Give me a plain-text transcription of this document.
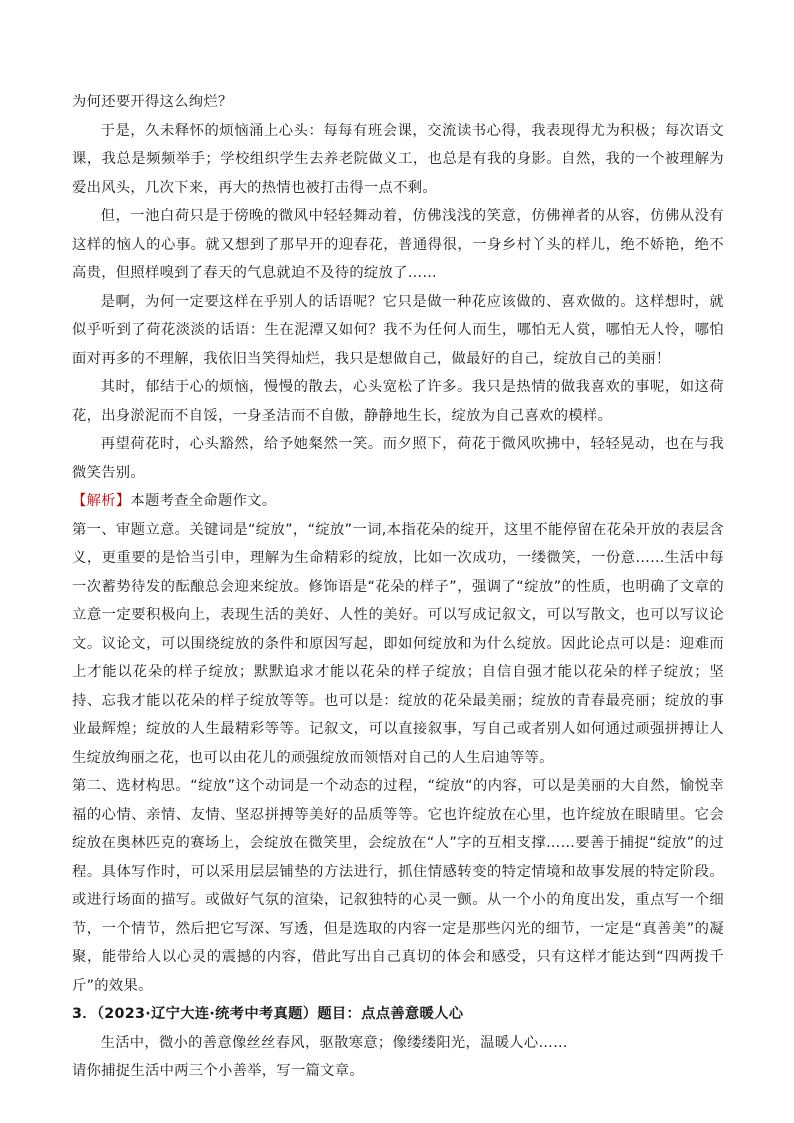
为何还要开得这么绚烂？

于是，久未释怀的烦恼涌上心头：每每有班会课，交流读书心得，我表现得尤为积极；每次语文课，我总是频频举手；学校组织学生去养老院做义工，也总是有我的身影。自然，我的一个被理解为爱出风头，几次下来，再大的热情也被打击得一点不剩。

但，一池白荷只是于傍晚的微风中轻轻舞动着，仿佛浅浅的笑意，仿佛禅者的从容，仿佛从没有这样的恼人的心事。就又想到了那早开的迎春花，普通得很，一身乡村丫头的样儿，绝不娇艳，绝不高贵，但照样嗅到了春天的气息就迫不及待的绽放了……

是啊，为何一定要这样在乎别人的话语呢？它只是做一种花应该做的、喜欢做的。这样想时，就似乎听到了荷花淡淡的话语：生在泥潭又如何？我不为任何人而生，哪怕无人赏，哪怕无人怜，哪怕面对再多的不理解，我依旧当笑得灿烂，我只是想做自己，做最好的自己，绽放自己的美丽！

其时，郁结于心的烦恼，慢慢的散去，心头宽松了许多。我只是热情的做我喜欢的事呢，如这荷花，出身淤泥而不自馁，一身圣洁而不自傲，静静地生长，绽放为自己喜欢的模样。

再望荷花时，心头豁然，给予她粲然一笑。而夕照下，荷花于微风吹拂中，轻轻晃动，也在与我微笑告别。

【解析】本题考查全命题作文。

第一、审题立意。关键词是“绽放”，“绽放”一词,本指花朵的绽开，这里不能停留在花朵开放的表层含义，更重要的是恰当引申，理解为生命精彩的绽放，比如一次成功，一缕微笑，一份意……生活中每一次蓄势待发的酝酿总会迎来绽放。修饰语是“花朵的样子”，强调了“绽放”的性质，也明确了文章的立意一定要积极向上，表现生活的美好、人性的美好。可以写成记叙文，可以写散文，也可以写议论文。议论文，可以围绕绽放的条件和原因写起，即如何绽放和为什么绽放。因此论点可以是：迎难而上才能以花朵的样子绽放；默默追求才能以花朵的样子绽放；自信自强才能以花朵的样子绽放；坚持、忘我才能以花朵的样子绽放等等。也可以是：绽放的花朵最美丽；绽放的青春最亮丽；绽放的事业最辉煌；绽放的人生最精彩等等。记叙文，可以直接叙事，写自己或者别人如何通过顽强拼搏让人生绽放绚丽之花，也可以由花儿的顽强绽放而领悟对自己的人生启迪等等。

第二、选材构思。“绽放”这个动词是一个动态的过程，“绽放“的内容，可以是美丽的大自然，愉悦幸福的心情、亲情、友情、坚忍拼搏等美好的品质等等。它也许绽放在心里，也许绽放在眼睛里。它会绽放在奥林匹克的赛场上，会绽放在微笑里，会绽放在“人”字的互相支撑……要善于捕捉“绽放”的过程。具体写作时，可以采用层层铺垫的方法进行，抓住情感转变的特定情境和故事发展的特定阶段。或进行场面的描写。或做好气氛的渲染，记叙独特的心灵一颤。从一个小的角度出发，重点写一个细节，一个情节，然后把它写深、写透，但是选取的内容一定是那些闪光的细节，一定是“真善美”的凝聚，能带给人以心灵的震撼的内容，借此写出自己真切的体会和感受，只有这样才能达到“四两拨千斤”的效果。

3．（2023·辽宁大连·统考中考真题）题目：点点善意暖人心

生活中，微小的善意像丝丝春风，驱散寒意；像缕缕阳光，温暖人心……

请你捕捉生活中两三个小善举，写一篇文章。
